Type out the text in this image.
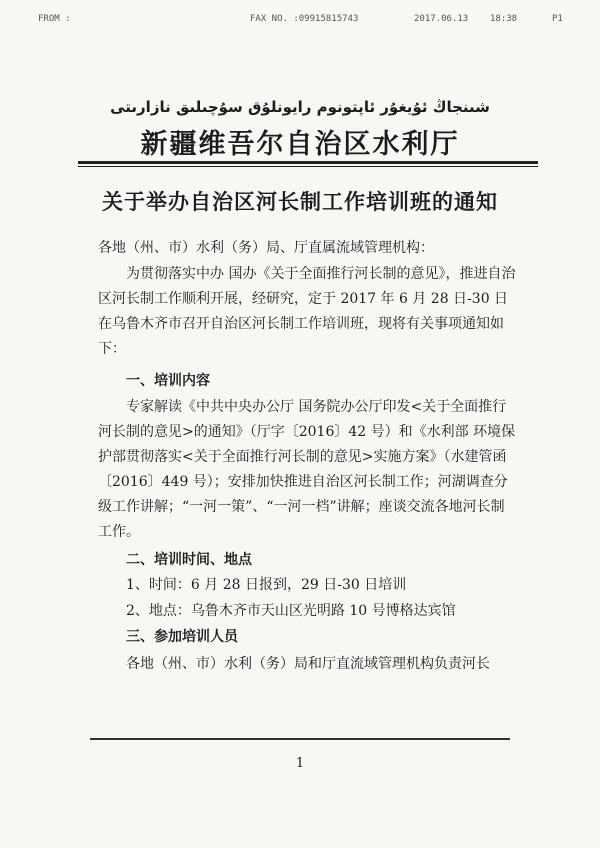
FROM :	FAX NO. :09915815743	2017.06.13 18:38	P1
شىنجاڭ ئۇيغۇر ئاپتونوم رايونلۇق سۇچىلىق نازارىتى
新疆维吾尔自治区水利厅
关于举办自治区河长制工作培训班的通知
各地（州、市）水利（务）局、厅直属流域管理机构：
为贯彻落实中办 国办《关于全面推行河长制的意见》，推进自治区河长制工作顺利开展，经研究，定于 2017 年 6 月 28 日-30 日在乌鲁木齐市召开自治区河长制工作培训班，现将有关事项通知如下：
一、培训内容
专家解读《中共中央办公厅 国务院办公厅印发<关于全面推行河长制的意见>的通知》（厅字〔2016〕42 号）和《水利部 环境保护部贯彻落实<关于全面推行河长制的意见>实施方案》（水建管函〔2016〕449 号）；安排加快推进自治区河长制工作；河湖调查分级工作讲解；“一河一策”、“一河一档”讲解；座谈交流各地河长制工作。
二、培训时间、地点
1、时间：6 月 28 日报到，29 日-30 日培训
2、地点：乌鲁木齐市天山区光明路 10 号博格达宾馆
三、参加培训人员
各地（州、市）水利（务）局和厅直流域管理机构负责河长
1
